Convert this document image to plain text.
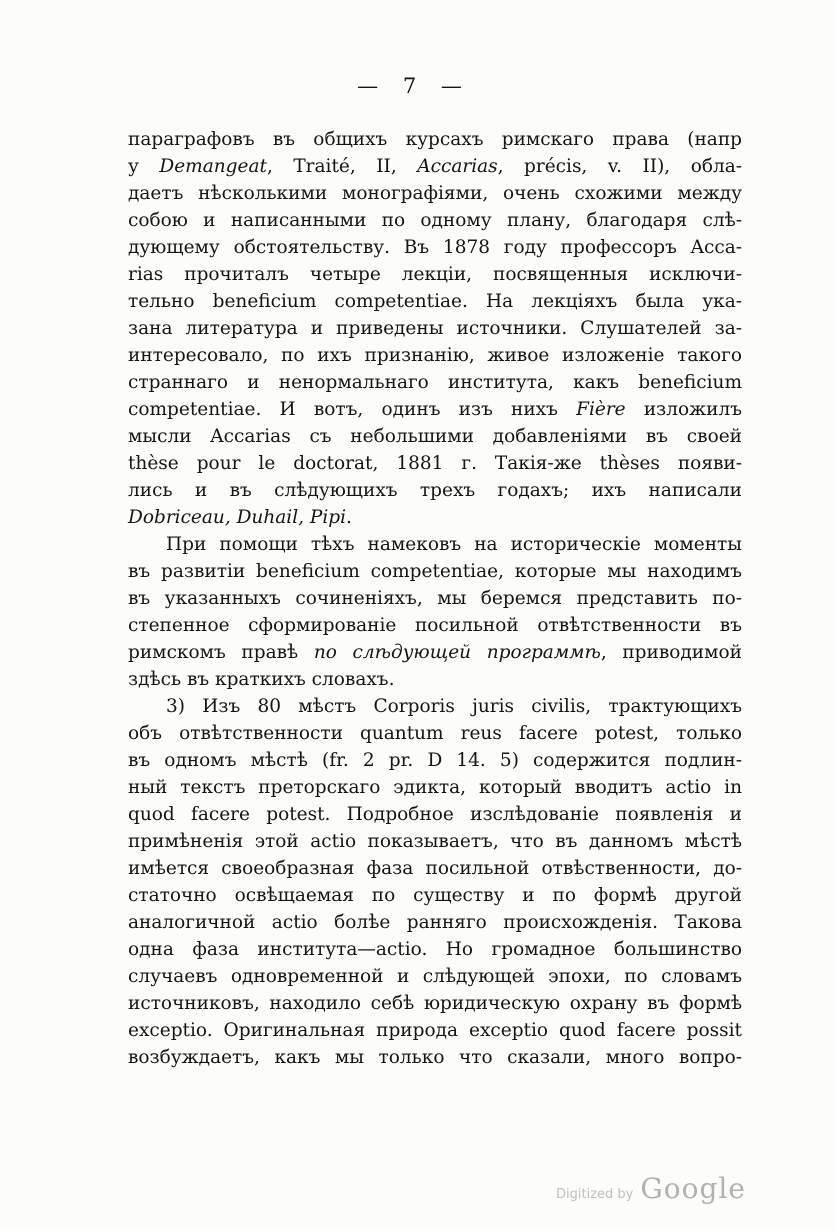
— 7 —
параграфовъ въ общихъ курсахъ римскаго права (напр
у Demangeat, Traité, II, Accarias, précis, v. II), обла-
даетъ нѣсколькими монографіями, очень схожими между
собою и написанными по одному плану, благодаря слѣ-
дующему обстоятельству. Въ 1878 году профессоръ Acca-
rias прочиталъ четыре лекціи, посвященныя исключи-
тельно beneficium competentiae. На лекціяхъ была ука-
зана литература и приведены источники. Слушателей за-
интересовало, по ихъ признанію, живое изложеніе такого
страннаго и ненормальнаго института, какъ beneficium
competentiae. И вотъ, одинъ изъ нихъ Fière изложилъ
мысли Accarias съ небольшими добавленіями въ своей
thèse pour le doctorat, 1881 г. Такія-же thèses появи-
лись и въ слѣдующихъ трехъ годахъ; ихъ написали
Dobriceau, Duhail, Pipi.
При помощи тѣхъ намековъ на историческіе моменты
въ развитіи beneficium competentiae, которые мы находимъ
въ указанныхъ сочиненіяхъ, мы беремся представить по-
степенное сформированіе посильной отвѣтственности въ
римскомъ правѣ по слѣдующей программѣ, приводимой
здѣсь въ краткихъ словахъ.
3) Изъ 80 мѣстъ Corporis juris civilis, трактующихъ
объ отвѣтственности quantum reus facere potest, только
въ одномъ мѣстѣ (fr. 2 pr. D 14. 5) содержится подлин-
ный текстъ преторскаго эдикта, который вводитъ actio in
quod facere potest. Подробное изслѣдованіе появленія и
примѣненія этой actio показываетъ, что въ данномъ мѣстѣ
имѣется своеобразная фаза посильной отвѣственности, до-
статочно освѣщаемая по существу и по формѣ другой
аналогичной actio болѣе ранняго происхожденія. Такова
одна фаза института—actio. Но громадное большинство
случаевъ одновременной и слѣдующей эпохи, по словамъ
источниковъ, находило себѣ юридическую охрану въ формѣ
exceptio. Оригинальная природа exceptio quod facere possit
возбуждаетъ, какъ мы только что сказали, много вопро-
Digitized by Google
